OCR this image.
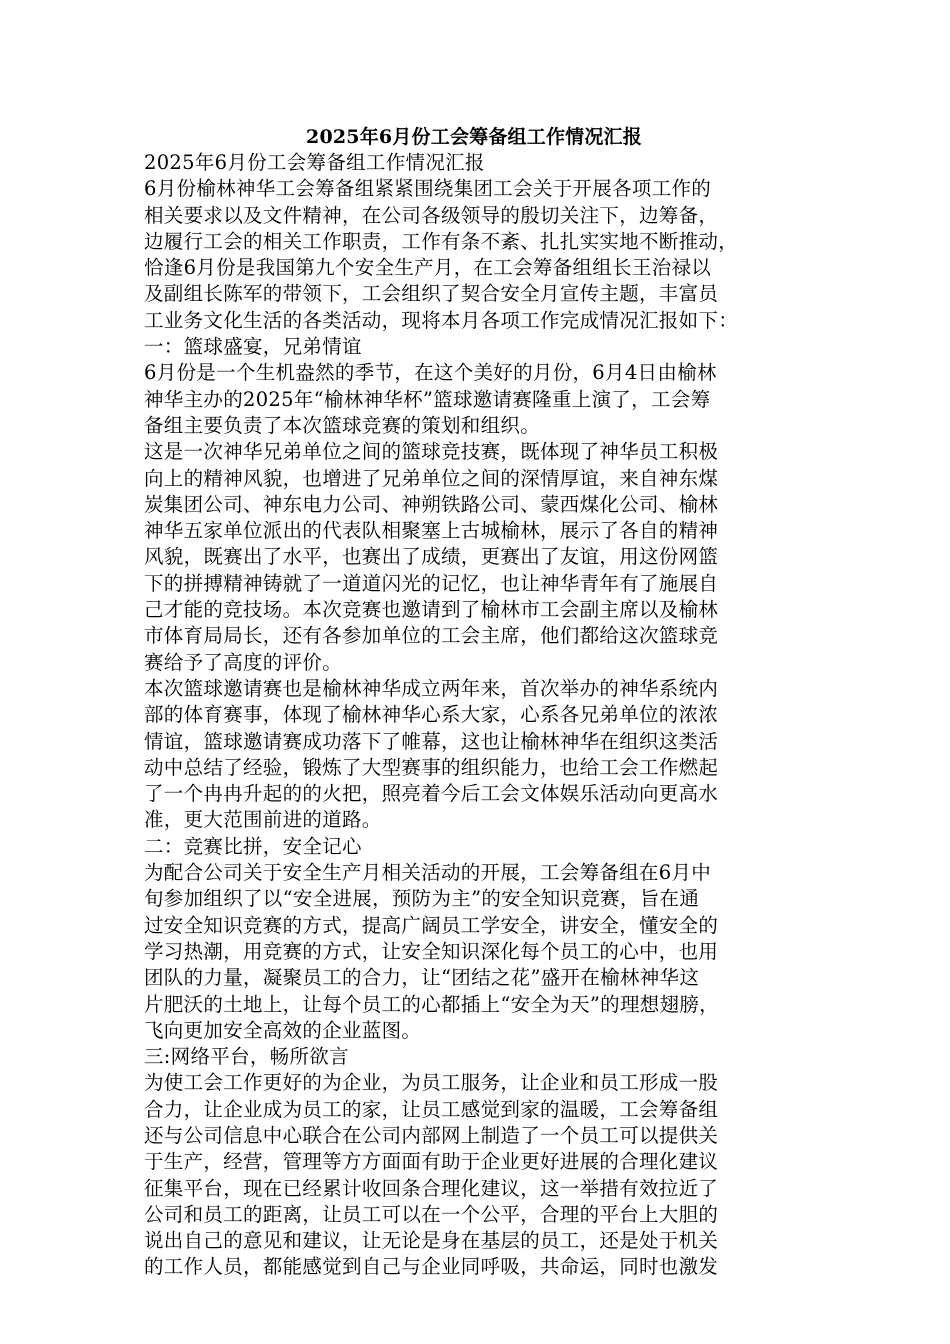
2025年6月份工会筹备组工作情况汇报

2025年6月份工会筹备组工作情况汇报

6月份榆林神华工会筹备组紧紧围绕集团工会关于开展各项工作的

相关要求以及文件精神，在公司各级领导的殷切关注下，边筹备，

边履行工会的相关工作职责，工作有条不紊、扎扎实实地不断推动，

恰逢6月份是我国第九个安全生产月，在工会筹备组组长王治禄以

及副组长陈军的带领下，工会组织了契合安全月宣传主题，丰富员

工业务文化生活的各类活动，现将本月各项工作完成情况汇报如下：

一：篮球盛宴，兄弟情谊

6月份是一个生机盎然的季节，在这个美好的月份，6月4日由榆林

神华主办的2025年“榆林神华杯”篮球邀请赛隆重上演了，工会筹

备组主要负责了本次篮球竞赛的策划和组织。

这是一次神华兄弟单位之间的篮球竞技赛，既体现了神华员工积极

向上的精神风貌，也增进了兄弟单位之间的深情厚谊，来自神东煤

炭集团公司、神东电力公司、神朔铁路公司、蒙西煤化公司、榆林

神华五家单位派出的代表队相聚塞上古城榆林，展示了各自的精神

风貌，既赛出了水平，也赛出了成绩，更赛出了友谊，用这份网篮

下的拼搏精神铸就了一道道闪光的记忆，也让神华青年有了施展自

己才能的竞技场。本次竞赛也邀请到了榆林市工会副主席以及榆林

市体育局局长，还有各参加单位的工会主席，他们都给这次篮球竞

赛给予了高度的评价。

本次篮球邀请赛也是榆林神华成立两年来，首次举办的神华系统内

部的体育赛事，体现了榆林神华心系大家，心系各兄弟单位的浓浓

情谊，篮球邀请赛成功落下了帷幕，这也让榆林神华在组织这类活

动中总结了经验，锻炼了大型赛事的组织能力，也给工会工作燃起

了一个冉冉升起的的火把，照亮着今后工会文体娱乐活动向更高水

准，更大范围前进的道路。

二：竞赛比拼，安全记心

为配合公司关于安全生产月相关活动的开展，工会筹备组在6月中

旬参加组织了以“安全进展，预防为主”的安全知识竞赛，旨在通

过安全知识竞赛的方式，提高广阔员工学安全，讲安全，懂安全的

学习热潮，用竞赛的方式，让安全知识深化每个员工的心中，也用

团队的力量，凝聚员工的合力，让“团结之花”盛开在榆林神华这

片肥沃的土地上，让每个员工的心都插上“安全为天”的理想翅膀，

飞向更加安全高效的企业蓝图。

三:网络平台，畅所欲言

为使工会工作更好的为企业，为员工服务，让企业和员工形成一股

合力，让企业成为员工的家，让员工感觉到家的温暖，工会筹备组

还与公司信息中心联合在公司内部网上制造了一个员工可以提供关

于生产，经营，管理等方方面面有助于企业更好进展的合理化建议

征集平台，现在已经累计收回条合理化建议，这一举措有效拉近了

公司和员工的距离，让员工可以在一个公平，合理的平台上大胆的

说出自己的意见和建议，让无论是身在基层的员工，还是处于机关

的工作人员，都能感觉到自己与企业同呼吸，共命运，同时也激发
